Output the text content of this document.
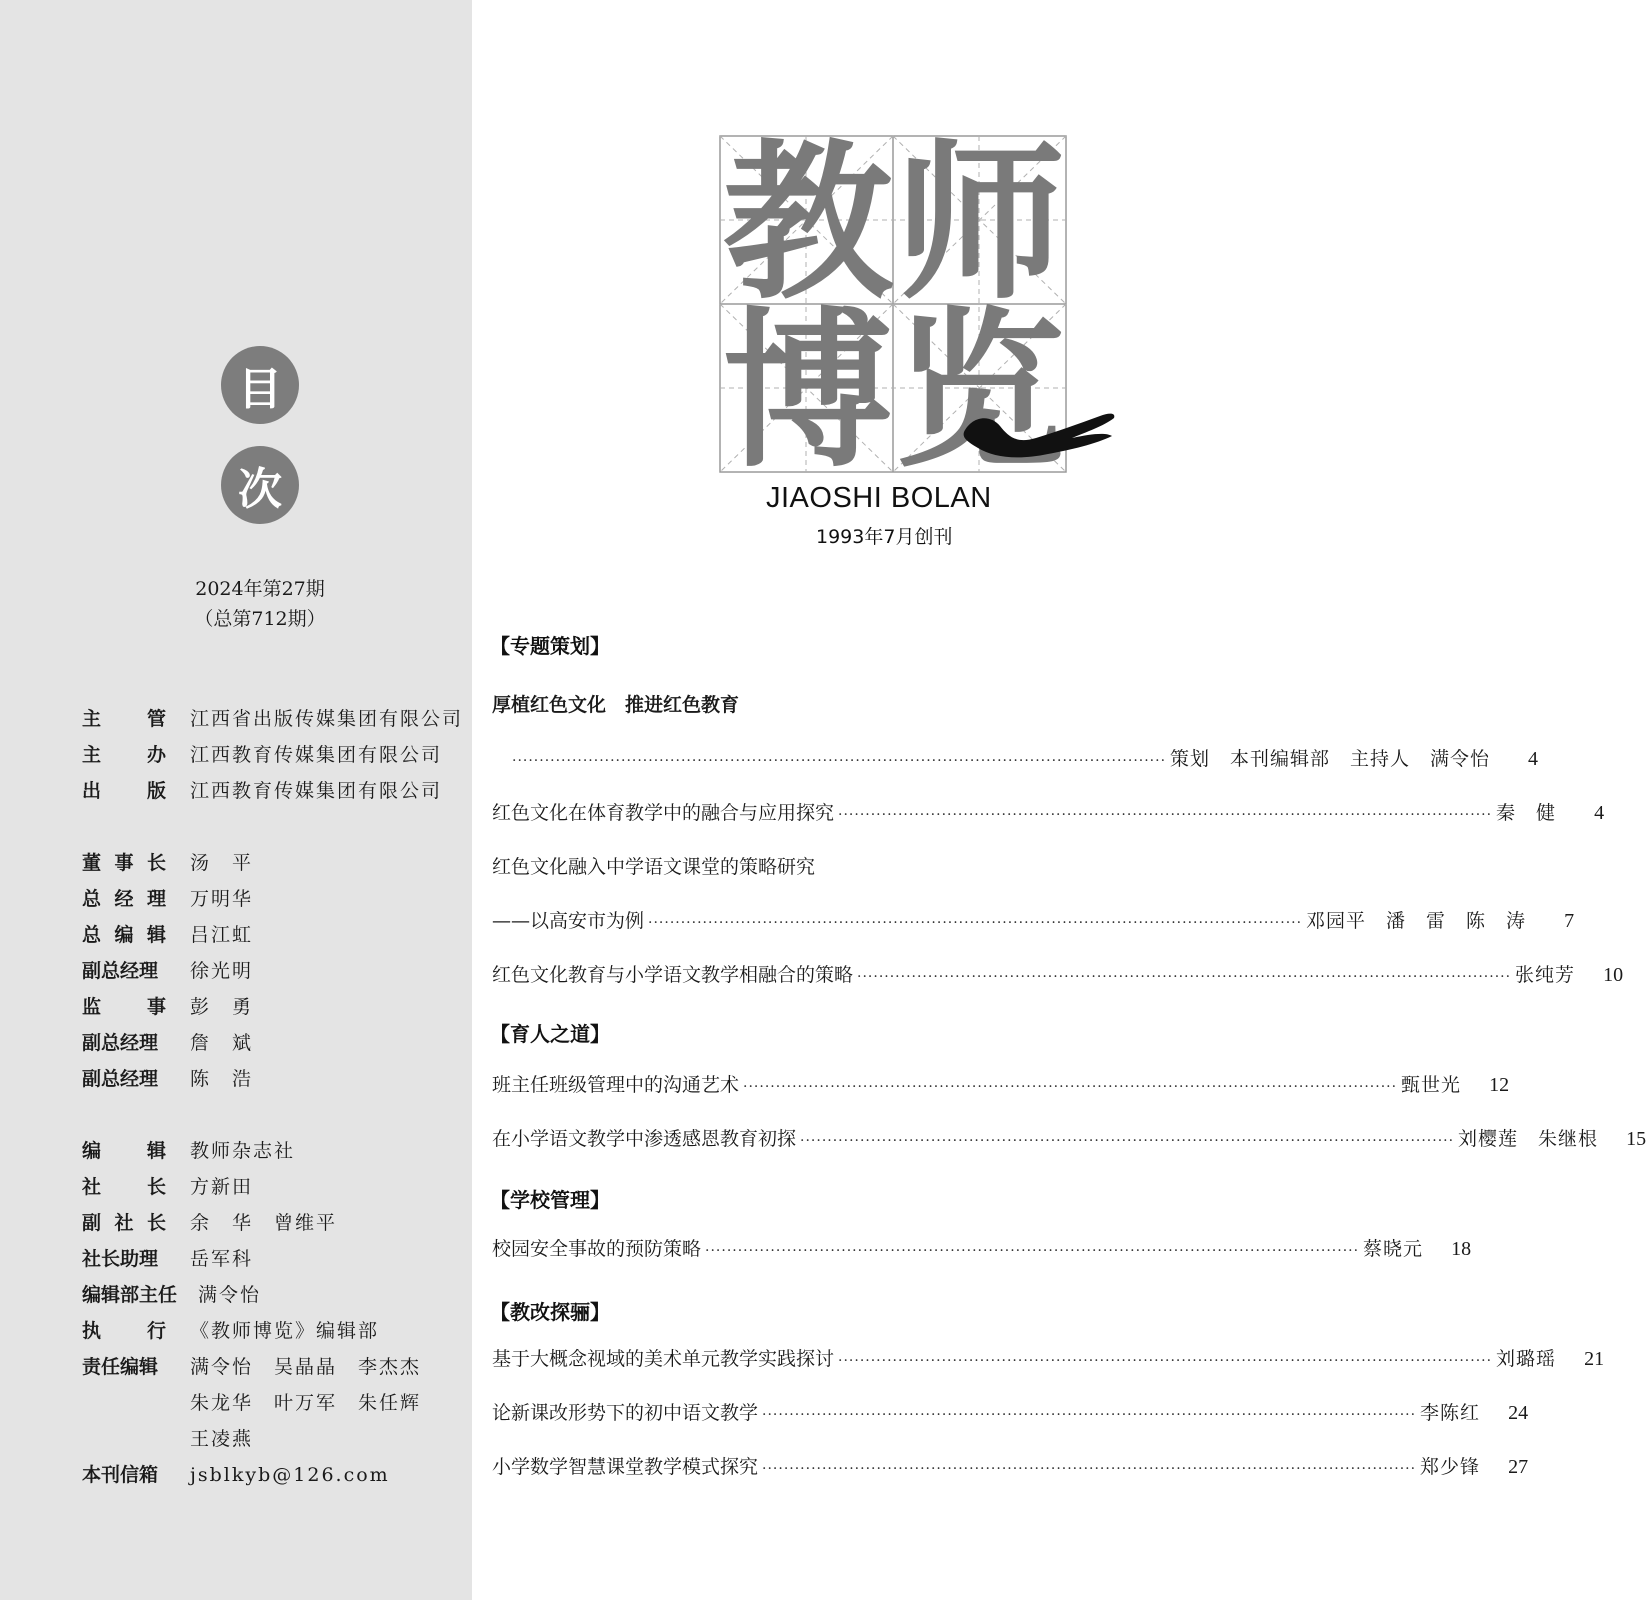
目
次
2024年第27期
（总第712期）
主 管 江西省出版传媒集团有限公司
主 办 江西教育传媒集团有限公司
出 版 江西教育传媒集团有限公司
董 事 长 汤　平
总 经 理 万明华
总 编 辑 吕江虹
副总经理 徐光明
监 事 彭　勇
副总经理 詹　斌
副总经理 陈　浩
编 辑 教师杂志社
社 长 方新田
副 社 长 余　华　曾维平
社长助理 岳军科
编辑部主任 满令怡
执 行 《教师博览》编辑部
责任编辑 满令怡　吴晶晶　李杰杰
朱龙华　叶万军　朱任辉
王凌燕
本刊信箱 jsblkyb@126.com
教 师
博 览
JIAOSHI BOLAN
1993年7月创刊
【专题策划】
【育人之道】
【学校管理】
【教改探骊】
厚植红色文化　推进红色教育
························································································································ 策划　本刊编辑部　主持人　满令怡	4
红色文化在体育教学中的融合与应用探究 ························································································································ 秦　健	4
红色文化融入中学语文课堂的策略研究
——以高安市为例 ························································································································ 邓园平　潘　雷　陈　涛	7
红色文化教育与小学语文教学相融合的策略 ························································································································ 张纯芳	10
班主任班级管理中的沟通艺术 ························································································································ 甄世光	12
在小学语文教学中渗透感恩教育初探 ························································································································ 刘樱莲　朱继根	15
校园安全事故的预防策略 ························································································································ 蔡晓元	18
基于大概念视域的美术单元教学实践探讨 ························································································································ 刘璐瑶	21
论新课改形势下的初中语文教学 ························································································································ 李陈红	24
小学数学智慧课堂教学模式探究 ························································································································ 郑少锋	27
